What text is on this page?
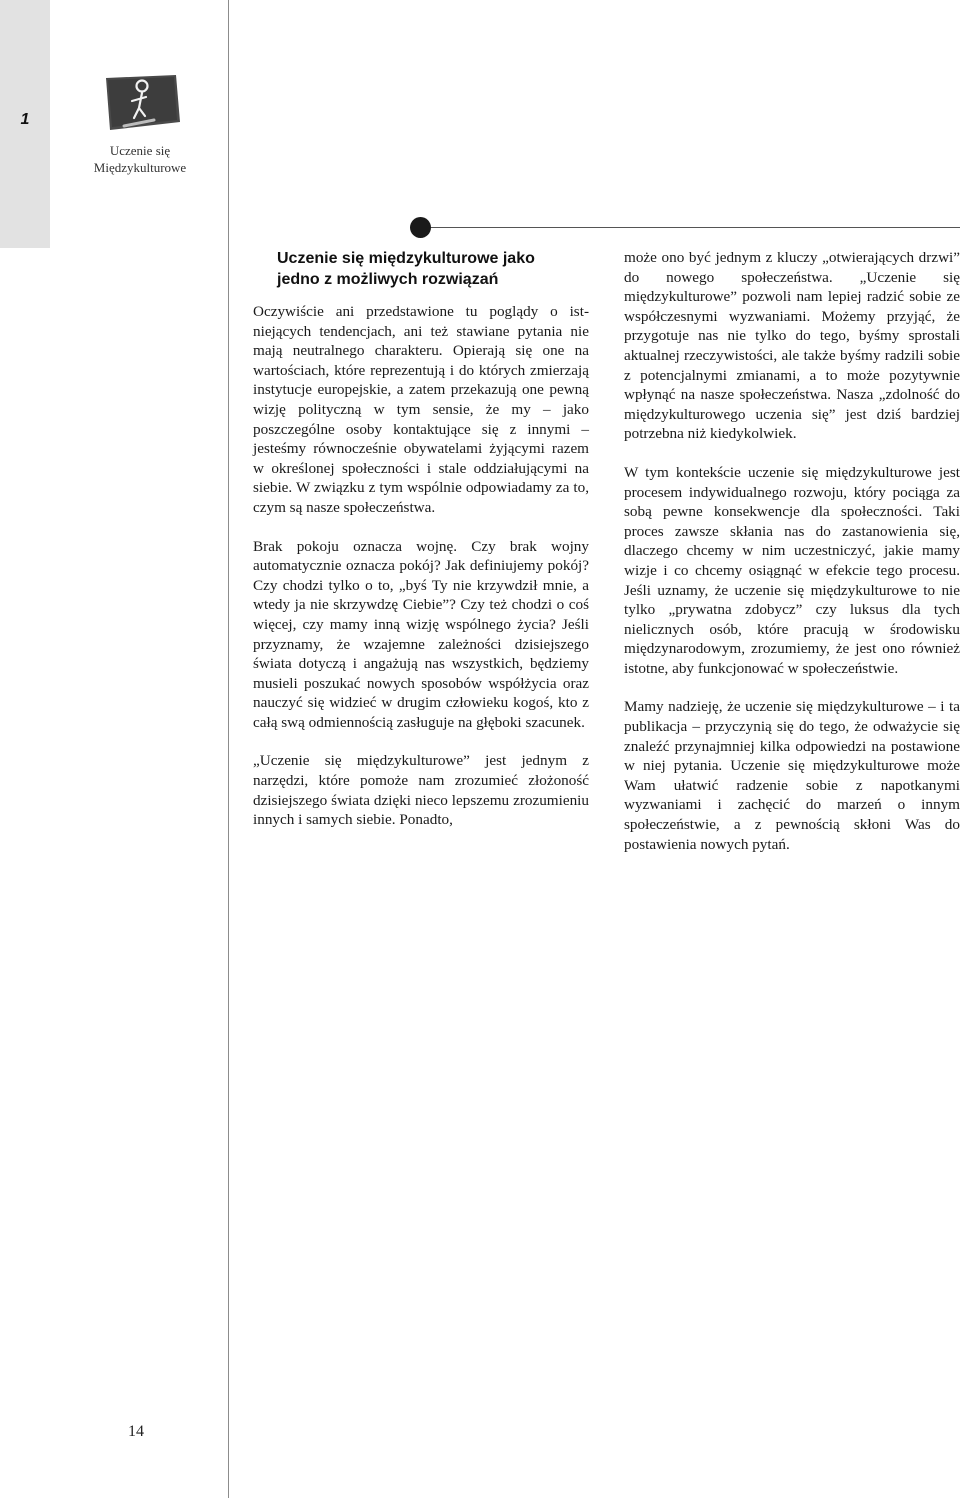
1
Uczenie się
Międzykulturowe
Uczenie się międzykulturowe jako
jedno z możliwych rozwiązań

Oczywiście ani przedstawione tu poglądy o istniejących tendencjach, ani też stawiane pytania nie mają neutralnego charakteru. Opierają się one na wartościach, które reprezentują i do których zmierzają instytucje europejskie, a zatem przekazują one pewną wizję polityczną w tym sensie, że my – jako poszczególne osoby kontaktujące się z innymi – jesteśmy równocześnie obywatelami żyjącymi razem w określonej społeczności i stale oddziałującymi na siebie. W związku z tym wspólnie odpowiadamy za to, czym są nasze społeczeństwa.

Brak pokoju oznacza wojnę. Czy brak wojny automatycznie oznacza pokój? Jak definiujemy pokój? Czy chodzi tylko o to, „byś Ty nie krzywdził mnie, a wtedy ja nie skrzywdzę Ciebie”? Czy też chodzi o coś więcej, czy mamy inną wizję wspólnego życia? Jeśli przyznamy, że wzajemne zależności dzisiejszego świata dotyczą i angażują nas wszystkich, będziemy musieli poszukać nowych sposobów współżycia oraz nauczyć się widzieć w drugim człowieku kogoś, kto z całą swą odmiennością zasługuje na głęboki szacunek.

„Uczenie się międzykulturowe” jest jednym z narzędzi, które pomoże nam zrozumieć złożoność dzisiejszego świata dzięki nieco lepszemu zrozumieniu innych i samych siebie. Ponadto,

może ono być jednym z kluczy „otwierających drzwi” do nowego społeczeństwa. „Uczenie się międzykulturowe” pozwoli nam lepiej radzić sobie ze współczesnymi wyzwaniami. Możemy przyjąć, że przygotuje nas nie tylko do tego, byśmy sprostali aktualnej rzeczywistości, ale także byśmy radzili sobie z potencjalnymi zmianami, a to może pozytywnie wpłynąć na nasze społeczeństwa. Nasza „zdolność do międzykulturowego uczenia się” jest dziś bardziej potrzebna niż kiedykolwiek.

W tym kontekście uczenie się międzykulturowe jest procesem indywidualnego rozwoju, który pociąga za sobą pewne konsekwencje dla społeczności. Taki proces zawsze skłania nas do zastanowienia się, dlaczego chcemy w nim uczestniczyć, jakie mamy wizje i co chcemy osiągnąć w efekcie tego procesu. Jeśli uznamy, że uczenie się międzykulturowe to nie tylko „prywatna zdobycz” czy luksus dla tych nielicznych osób, które pracują w środowisku międzynarodowym, zrozumiemy, że jest ono również istotne, aby funkcjonować w społeczeństwie.

Mamy nadzieję, że uczenie się międzykulturowe – i ta publikacja – przyczynią się do tego, że odważycie się znaleźć przynajmniej kilka odpowiedzi na postawione w niej pytania. Uczenie się międzykulturowe może Wam ułatwić radzenie sobie z napotkanymi wyzwaniami i zachęcić do marzeń o innym społeczeństwie, a z pewnością skłoni Was do postawienia nowych pytań.

14
